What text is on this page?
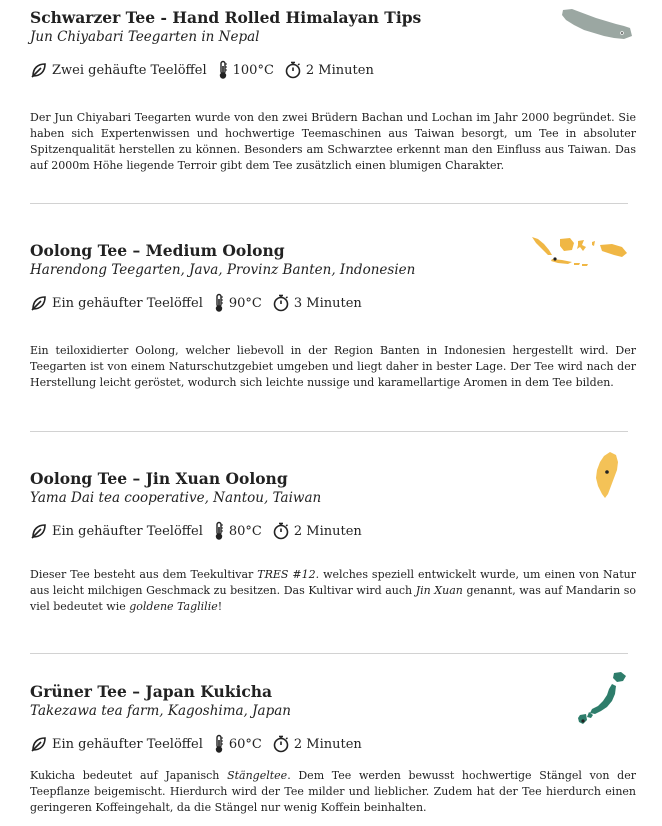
Schwarzer Tee - Hand Rolled Himalayan Tips

Jun Chiyabari Teegarten in Nepal

Zwei gehäufte Teelöffel 100°C 2 Minuten

Der Jun Chiyabari Teegarten wurde von den zwei Brüdern Bachan und Lochan im Jahr 2000 begründet. Sie haben sich Expertenwissen und hochwertige Teemaschinen aus Taiwan besorgt, um Tee in absoluter Spitzenqualität herstellen zu können. Besonders am Schwarztee erkennt man den Einfluss aus Taiwan. Das auf 2000m Höhe liegende Terroir gibt dem Tee zusätzlich einen blumigen Charakter.

Oolong Tee – Medium Oolong

Harendong Teegarten, Java, Provinz Banten, Indonesien

Ein gehäufter Teelöffel 90°C 3 Minuten

Ein teiloxidierter Oolong, welcher liebevoll in der Region Banten in Indonesien hergestellt wird. Der Teegarten ist von einem Naturschutzgebiet umgeben und liegt daher in bester Lage. Der Tee wird nach der Herstellung leicht geröstet, wodurch sich leichte nussige und karamellartige Aromen in dem Tee bilden.

Oolong Tee – Jin Xuan Oolong

Yama Dai tea cooperative, Nantou, Taiwan

Ein gehäufter Teelöffel 80°C 2 Minuten

Dieser Tee besteht aus dem Teekultivar TRES #12. welches speziell entwickelt wurde, um einen von Natur aus leicht milchigen Geschmack zu besitzen. Das Kultivar wird auch Jin Xuan genannt, was auf Mandarin so viel bedeutet wie goldene Taglilie!

Grüner Tee – Japan Kukicha

Takezawa tea farm, Kagoshima, Japan

Ein gehäufter Teelöffel 60°C 2 Minuten

Kukicha bedeutet auf Japanisch Stängeltee. Dem Tee werden bewusst hochwertige Stängel von der Teepflanze beigemischt. Hierdurch wird der Tee milder und lieblicher. Zudem hat der Tee hierdurch einen geringeren Koffeingehalt, da die Stängel nur wenig Koffein beinhalten.
